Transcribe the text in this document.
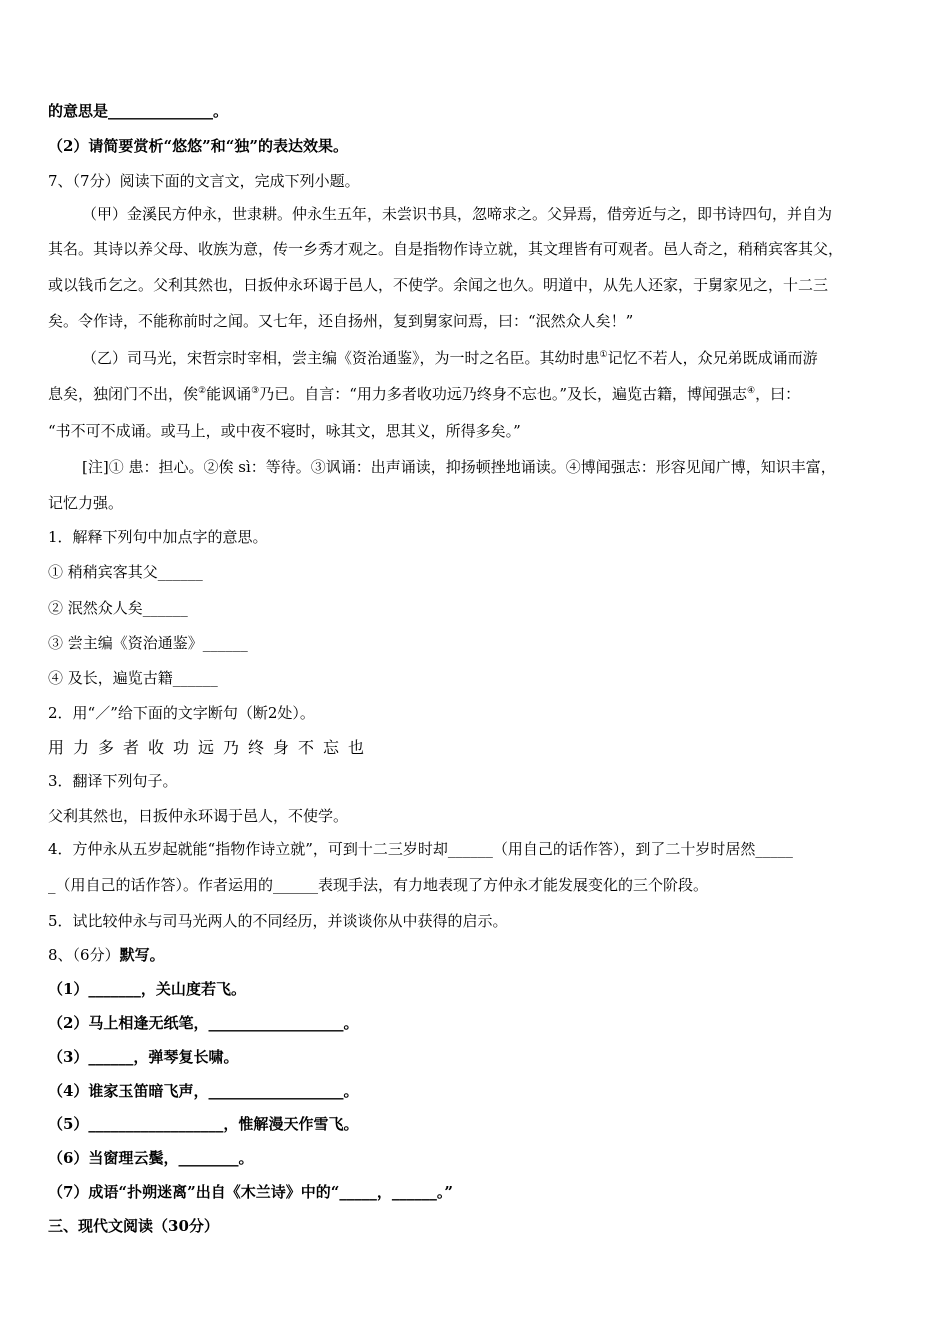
的意思是______________。
（2）请简要赏析“悠悠”和“独”的表达效果。
7、（7分）阅读下面的文言文，完成下列小题。
（甲）金溪民方仲永，世隶耕。仲永生五年，未尝识书具，忽啼求之。父异焉，借旁近与之，即书诗四句，并自为
其名。其诗以养父母、收族为意，传一乡秀才观之。自是指物作诗立就，其文理皆有可观者。邑人奇之，稍稍宾客其父，
或以钱币乞之。父利其然也，日扳仲永环谒于邑人，不使学。余闻之也久。明道中，从先人还家，于舅家见之，十二三
矣。令作诗，不能称前时之闻。又七年，还自扬州，复到舅家问焉，曰：“泯然众人矣！”
（乙）司马光，宋哲宗时宰相，尝主编《资治通鉴》，为一时之名臣。其幼时患①记忆不若人，众兄弟既成诵而游
息矣，独闭门不出，俟②能讽诵③乃已。自言：“用力多者收功远乃终身不忘也。”及长，遍览古籍，博闻强志④，曰：
“书不可不成诵。或马上，或中夜不寝时，咏其文，思其义，所得多矣。”
[注]① 患：担心。②俟 sì：等待。③讽诵：出声诵读，抑扬顿挫地诵读。④博闻强志：形容见闻广博，知识丰富，
记忆力强。
1．解释下列句中加点字的意思。
① 稍稍宾客其父______
② 泯然众人矣______
③ 尝主编《资治通鉴》______
④ 及长，遍览古籍______
2．用“／”给下面的文字断句（断2处）。
用力多者收功远乃终身不忘也
3．翻译下列句子。
父利其然也，日扳仲永环谒于邑人，不使学。
4．方仲永从五岁起就能“指物作诗立就”，可到十二三岁时却______（用自己的话作答），到了二十岁时居然_____
_（用自己的话作答）。作者运用的______表现手法，有力地表现了方仲永才能发展变化的三个阶段。
5．试比较仲永与司马光两人的不同经历，并谈谈你从中获得的启示。
8、（6分）默写。
（1）_______，关山度若飞。
（2）马上相逢无纸笔，__________________。
（3）______，弹琴复长啸。
（4）谁家玉笛暗飞声，__________________。
（5）__________________，惟解漫天作雪飞。
（6）当窗理云鬓，________。
（7）成语“扑朔迷离”出自《木兰诗》中的“_____，______。”
三、现代文阅读（30分）
